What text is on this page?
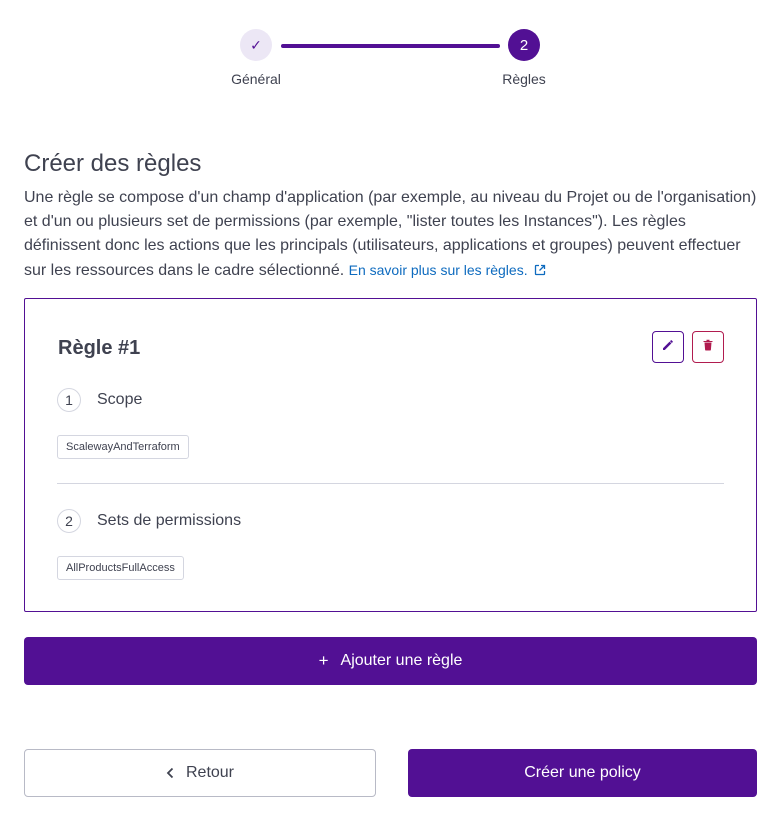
✓	2
Général	Règles
Créer des règles

Une règle se compose d'un champ d'application (par exemple, au niveau du Projet ou de l'organisation) et d'un ou plusieurs set de permissions (par exemple, "lister toutes les Instances"). Les règles définissent donc les actions que les principals (utilisateurs, applications et groupes) peuvent effectuer sur les ressources dans le cadre sélectionné. En savoir plus sur les règles.

Règle #1
1	Scope
ScalewayAndTerraform
2	Sets de permissions
AllProductsFullAccess
+ Ajouter une règle
Retour	Créer une policy
